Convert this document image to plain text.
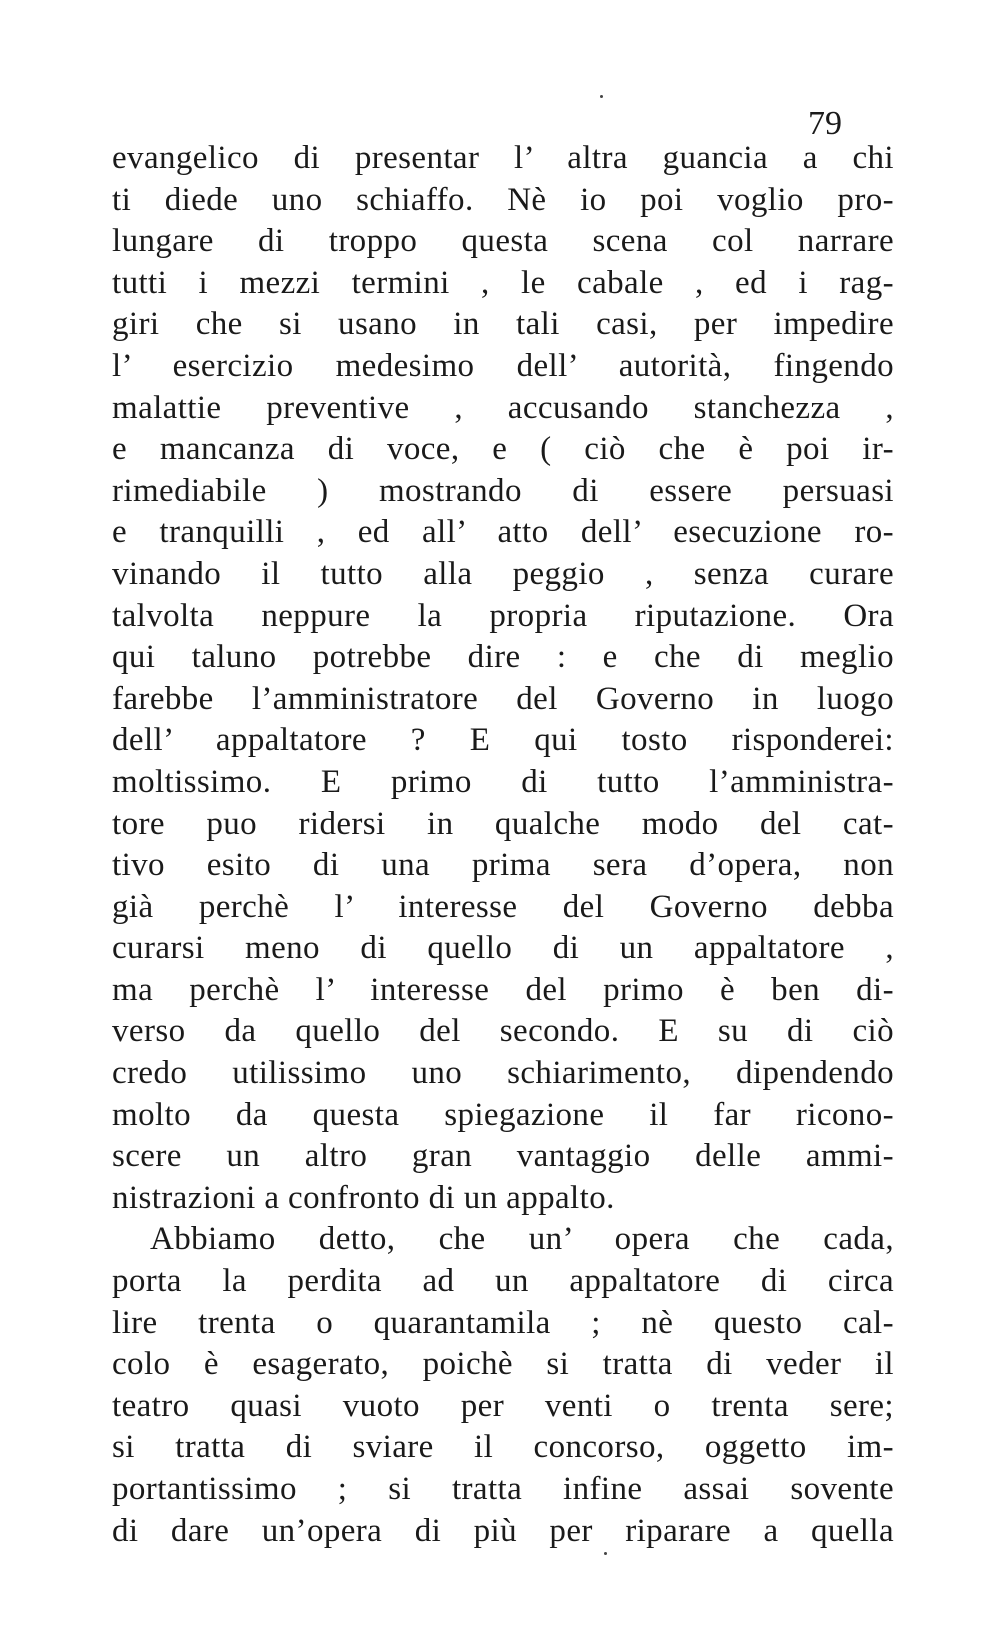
79
evangelico di presentar l’ altra guancia a chi
ti diede uno schiaffo. Nè io poi voglio pro-
lungare di troppo questa scena col narrare
tutti i mezzi termini , le cabale , ed i rag-
giri che si usano in tali casi, per impedire
l’ esercizio medesimo dell’ autorità, fingendo
malattie preventive , accusando stanchezza ,
e mancanza di voce, e ( ciò che è poi ir-
rimediabile ) mostrando di essere persuasi
e tranquilli , ed all’ atto dell’ esecuzione ro-
vinando il tutto alla peggio , senza curare
talvolta neppure la propria riputazione. Ora
qui taluno potrebbe dire : e che di meglio
farebbe l’amministratore del Governo in luogo
dell’ appaltatore ? E qui tosto risponderei:
moltissimo. E primo di tutto l’amministra-
tore puo ridersi in qualche modo del cat-
tivo esito di una prima sera d’opera, non
già perchè l’ interesse del Governo debba
curarsi meno di quello di un appaltatore ,
ma perchè l’ interesse del primo è ben di-
verso da quello del secondo. E su di ciò
credo utilissimo uno schiarimento, dipendendo
molto da questa spiegazione il far ricono-
scere un altro gran vantaggio delle ammi-
nistrazioni a confronto di un appalto.
Abbiamo detto, che un’ opera che cada,
porta la perdita ad un appaltatore di circa
lire trenta o quarantamila ; nè questo cal-
colo è esagerato, poichè si tratta di veder il
teatro quasi vuoto per venti o trenta sere;
si tratta di sviare il concorso, oggetto im-
portantissimo ; si tratta infine assai sovente
di dare un’opera di più per riparare a quella
